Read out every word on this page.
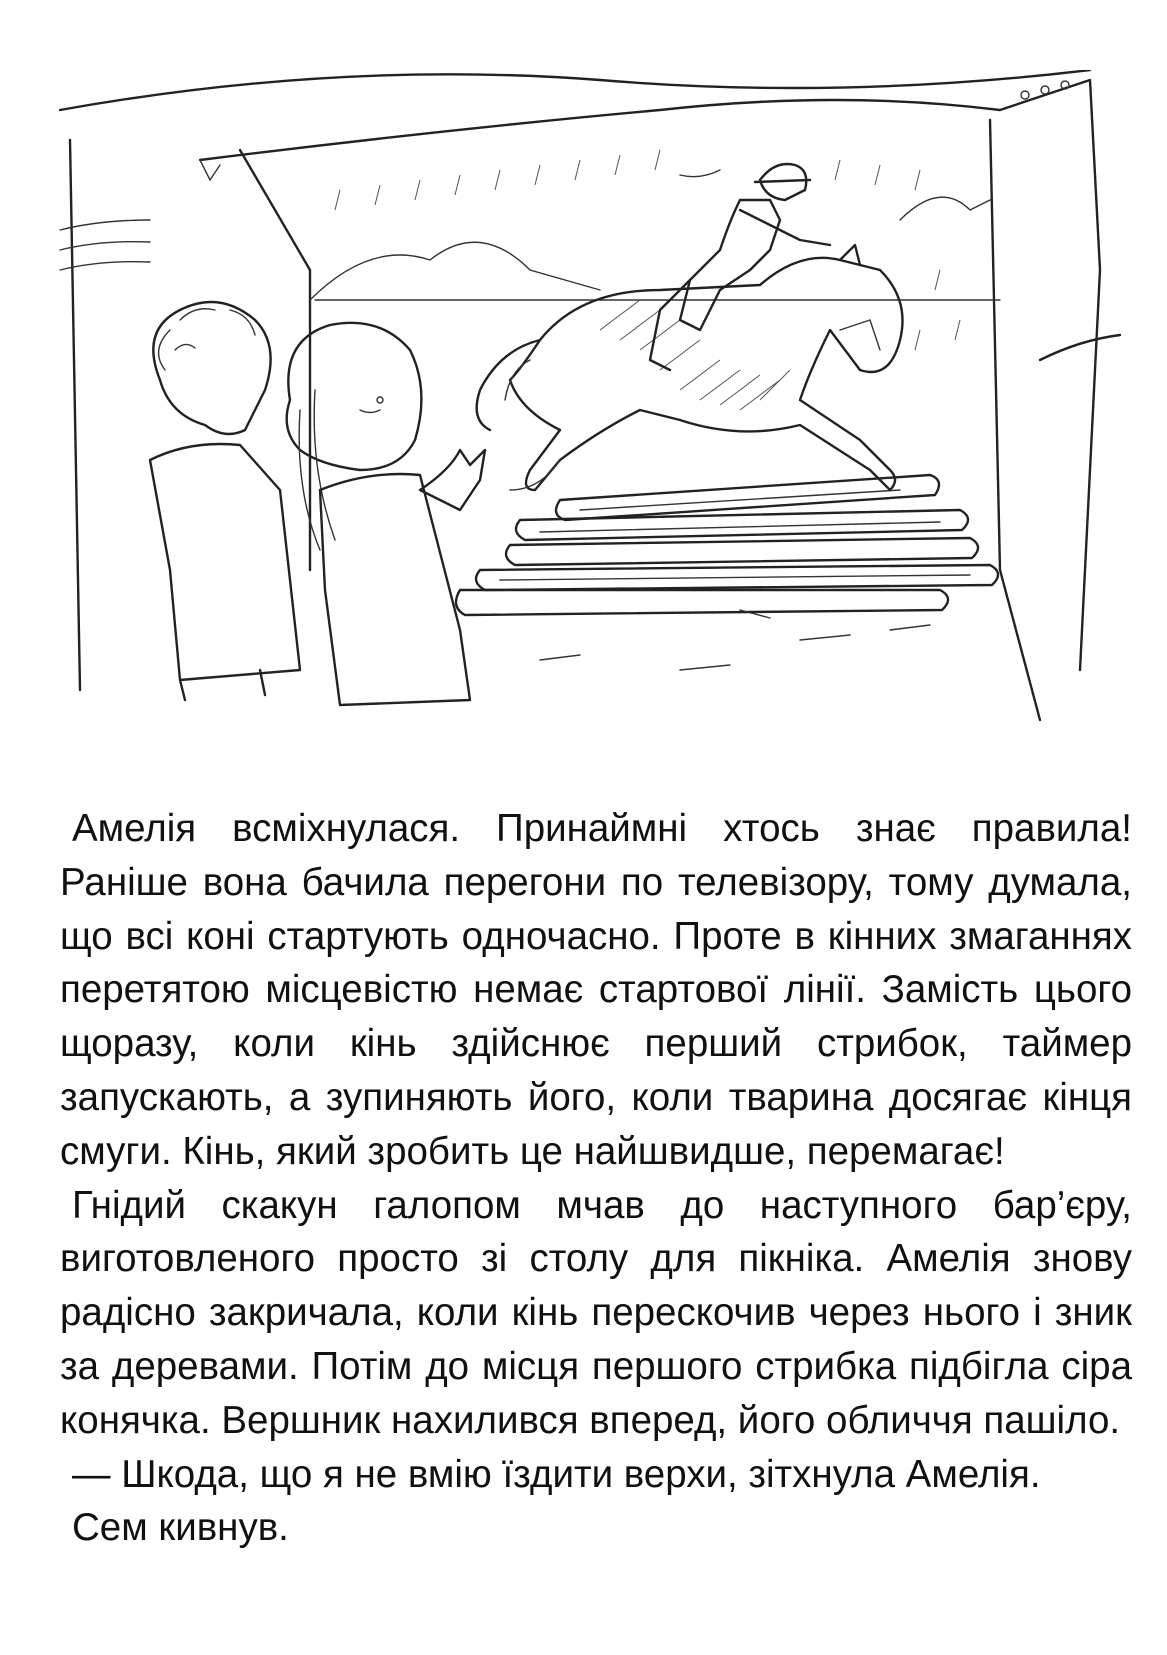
Амелія всміхнулася. Принаймні хтось знає правила! Раніше вона бачила перегони по телевізору, тому думала, що всі коні стартують одночасно. Проте в кінних змаганнях перетятою місцевістю немає стартової лінії. Замість цього щоразу, коли кінь здійснює перший стрибок, таймер запускають, а зупиняють його, коли тварина досягає кінця смуги. Кінь, який зробить це найшвидше, перемагає!

Гнідий скакун галопом мчав до наступного бар’єру, виготовленого просто зі столу для пікніка. Амелія знову радісно закричала, коли кінь перескочив через нього і зник за деревами. Потім до місця першого стрибка підбігла сіра конячка. Вершник нахилився вперед, його обличчя пашіло.

— Шкода, що я не вмію їздити верхи, зітхнула Амелія.

Сем кивнув.
